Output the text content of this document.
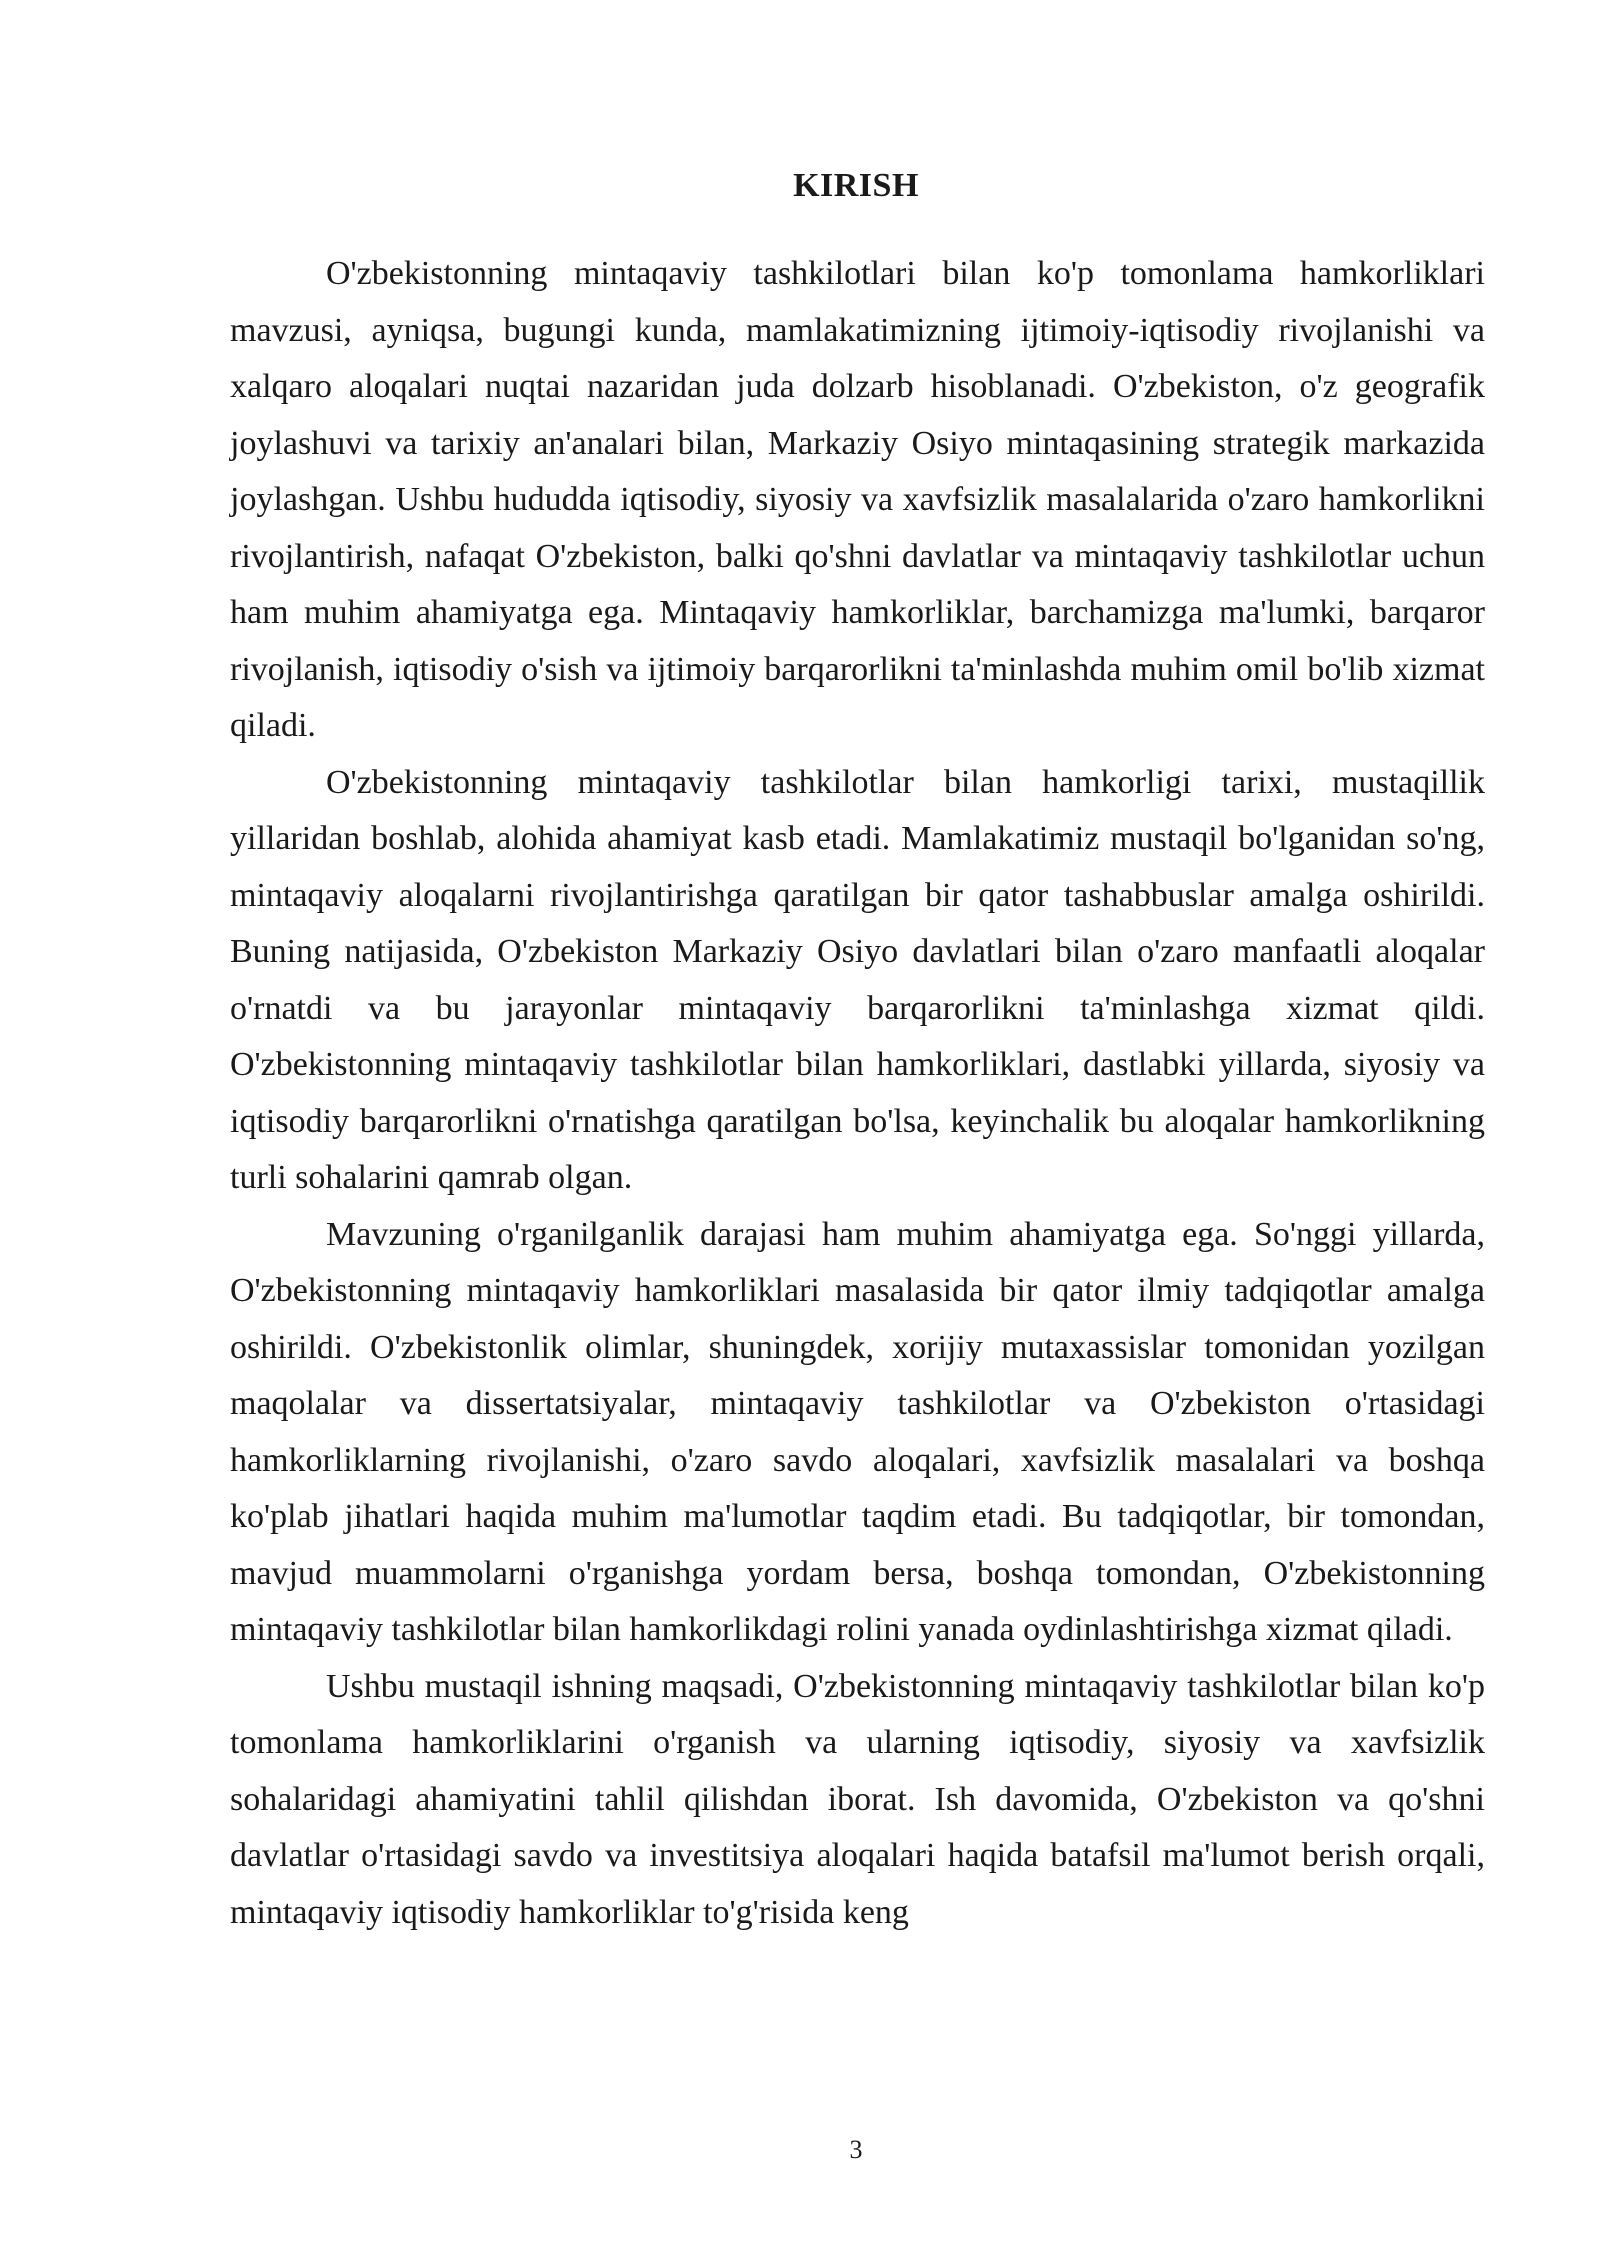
KIRISH

O'zbekistonning mintaqaviy tashkilotlari bilan ko'p tomonlama hamkorliklari mavzusi, ayniqsa, bugungi kunda, mamlakatimizning ijtimoiy-iqtisodiy rivojlanishi va xalqaro aloqalari nuqtai nazaridan juda dolzarb hisoblanadi. O'zbekiston, o'z geografik joylashuvi va tarixiy an'analari bilan, Markaziy Osiyo mintaqasining strategik markazida joylashgan. Ushbu hududda iqtisodiy, siyosiy va xavfsizlik masalalarida o'zaro hamkorlikni rivojlantirish, nafaqat O'zbekiston, balki qo'shni davlatlar va mintaqaviy tashkilotlar uchun ham muhim ahamiyatga ega. Mintaqaviy hamkorliklar, barchamizga ma'lumki, barqaror rivojlanish, iqtisodiy o'sish va ijtimoiy barqarorlikni ta'minlashda muhim omil bo'lib xizmat qiladi.

O'zbekistonning mintaqaviy tashkilotlar bilan hamkorligi tarixi, mustaqillik yillaridan boshlab, alohida ahamiyat kasb etadi. Mamlakatimiz mustaqil bo'lganidan so'ng, mintaqaviy aloqalarni rivojlantirishga qaratilgan bir qator tashabbuslar amalga oshirildi. Buning natijasida, O'zbekiston Markaziy Osiyo davlatlari bilan o'zaro manfaatli aloqalar o'rnatdi va bu jarayonlar mintaqaviy barqarorlikni ta'minlashga xizmat qildi. O'zbekistonning mintaqaviy tashkilotlar bilan hamkorliklari, dastlabki yillarda, siyosiy va iqtisodiy barqarorlikni o'rnatishga qaratilgan bo'lsa, keyinchalik bu aloqalar hamkorlikning turli sohalarini qamrab olgan.

Mavzuning o'rganilganlik darajasi ham muhim ahamiyatga ega. So'nggi yillarda, O'zbekistonning mintaqaviy hamkorliklari masalasida bir qator ilmiy tadqiqotlar amalga oshirildi. O'zbekistonlik olimlar, shuningdek, xorijiy mutaxassislar tomonidan yozilgan maqolalar va dissertatsiyalar, mintaqaviy tashkilotlar va O'zbekiston o'rtasidagi hamkorliklarning rivojlanishi, o'zaro savdo aloqalari, xavfsizlik masalalari va boshqa ko'plab jihatlari haqida muhim ma'lumotlar taqdim etadi. Bu tadqiqotlar, bir tomondan, mavjud muammolarni o'rganishga yordam bersa, boshqa tomondan, O'zbekistonning mintaqaviy tashkilotlar bilan hamkorlikdagi rolini yanada oydinlashtirishga xizmat qiladi.

Ushbu mustaqil ishning maqsadi, O'zbekistonning mintaqaviy tashkilotlar bilan ko'p tomonlama hamkorliklarini o'rganish va ularning iqtisodiy, siyosiy va xavfsizlik sohalaridagi ahamiyatini tahlil qilishdan iborat. Ish davomida, O'zbekiston va qo'shni davlatlar o'rtasidagi savdo va investitsiya aloqalari haqida batafsil ma'lumot berish orqali, mintaqaviy iqtisodiy hamkorliklar to'g'risida keng

3
